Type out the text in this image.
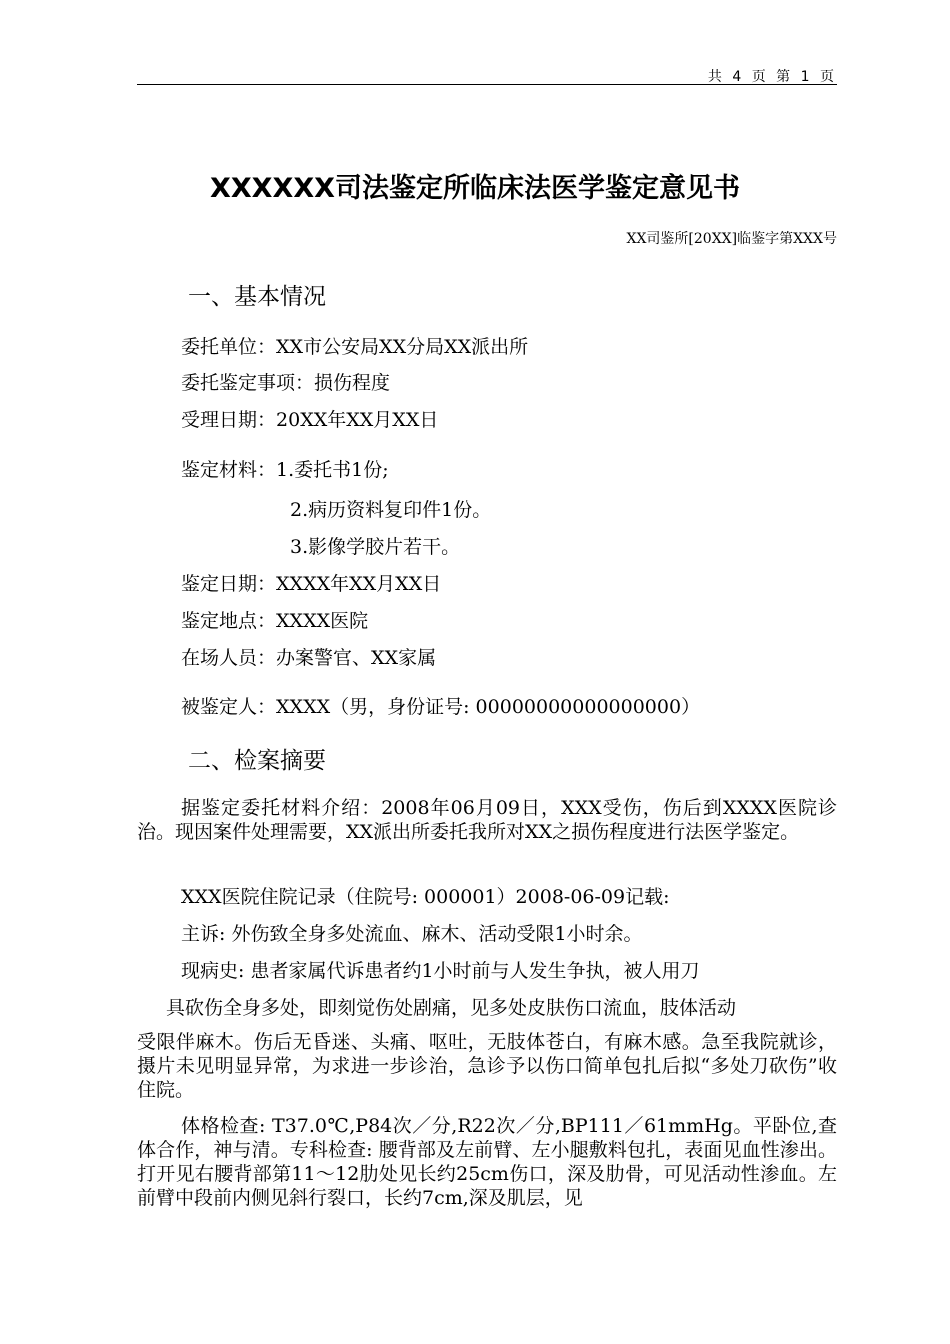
共 4 页 第 1 页
XXXXXX司法鉴定所临床法医学鉴定意见书
XX司鉴所[20XX]临鉴字第XXX号
一、基本情况
委托单位：XX市公安局XX分局XX派出所
委托鉴定事项：损伤程度
受理日期：20XX年XX月XX日
鉴定材料：1.委托书1份;
2.病历资料复印件1份。
3.影像学胶片若干。
鉴定日期：XXXX年XX月XX日
鉴定地点：XXXX医院
在场人员：办案警官、XX家属
被鉴定人：XXXX（男，身份证号: 00000000000000000）
二、检案摘要
据鉴定委托材料介绍：2008年06月09日，XXX受伤，伤后到XXXX医院诊治。现因案件处理需要，XX派出所委托我所对XX之损伤程度进行法医学鉴定。
XXX医院住院记录（住院号: 000001）2008-06-09记载:
主诉: 外伤致全身多处流血、麻木、活动受限1小时余。
现病史: 患者家属代诉患者约1小时前与人发生争执，被人用刀
具砍伤全身多处，即刻觉伤处剧痛，见多处皮肤伤口流血，肢体活动
受限伴麻木。伤后无昏迷、头痛、呕吐，无肢体苍白，有麻木感。急至我院就诊，摄片未见明显异常，为求进一步诊治，急诊予以伤口简单包扎后拟“多处刀砍伤”收住院。
体格检查: T37.0℃,P84次／分,R22次／分,BP111／61mmHg。平卧位,查体合作，神与清。专科检查: 腰背部及左前臂、左小腿敷料包扎，表面见血性渗出。打开见右腰背部第11～12肋处见长约25cm伤口，深及肋骨，可见活动性渗血。左前臂中段前内侧见斜行裂口，长约7cm,深及肌层，见
